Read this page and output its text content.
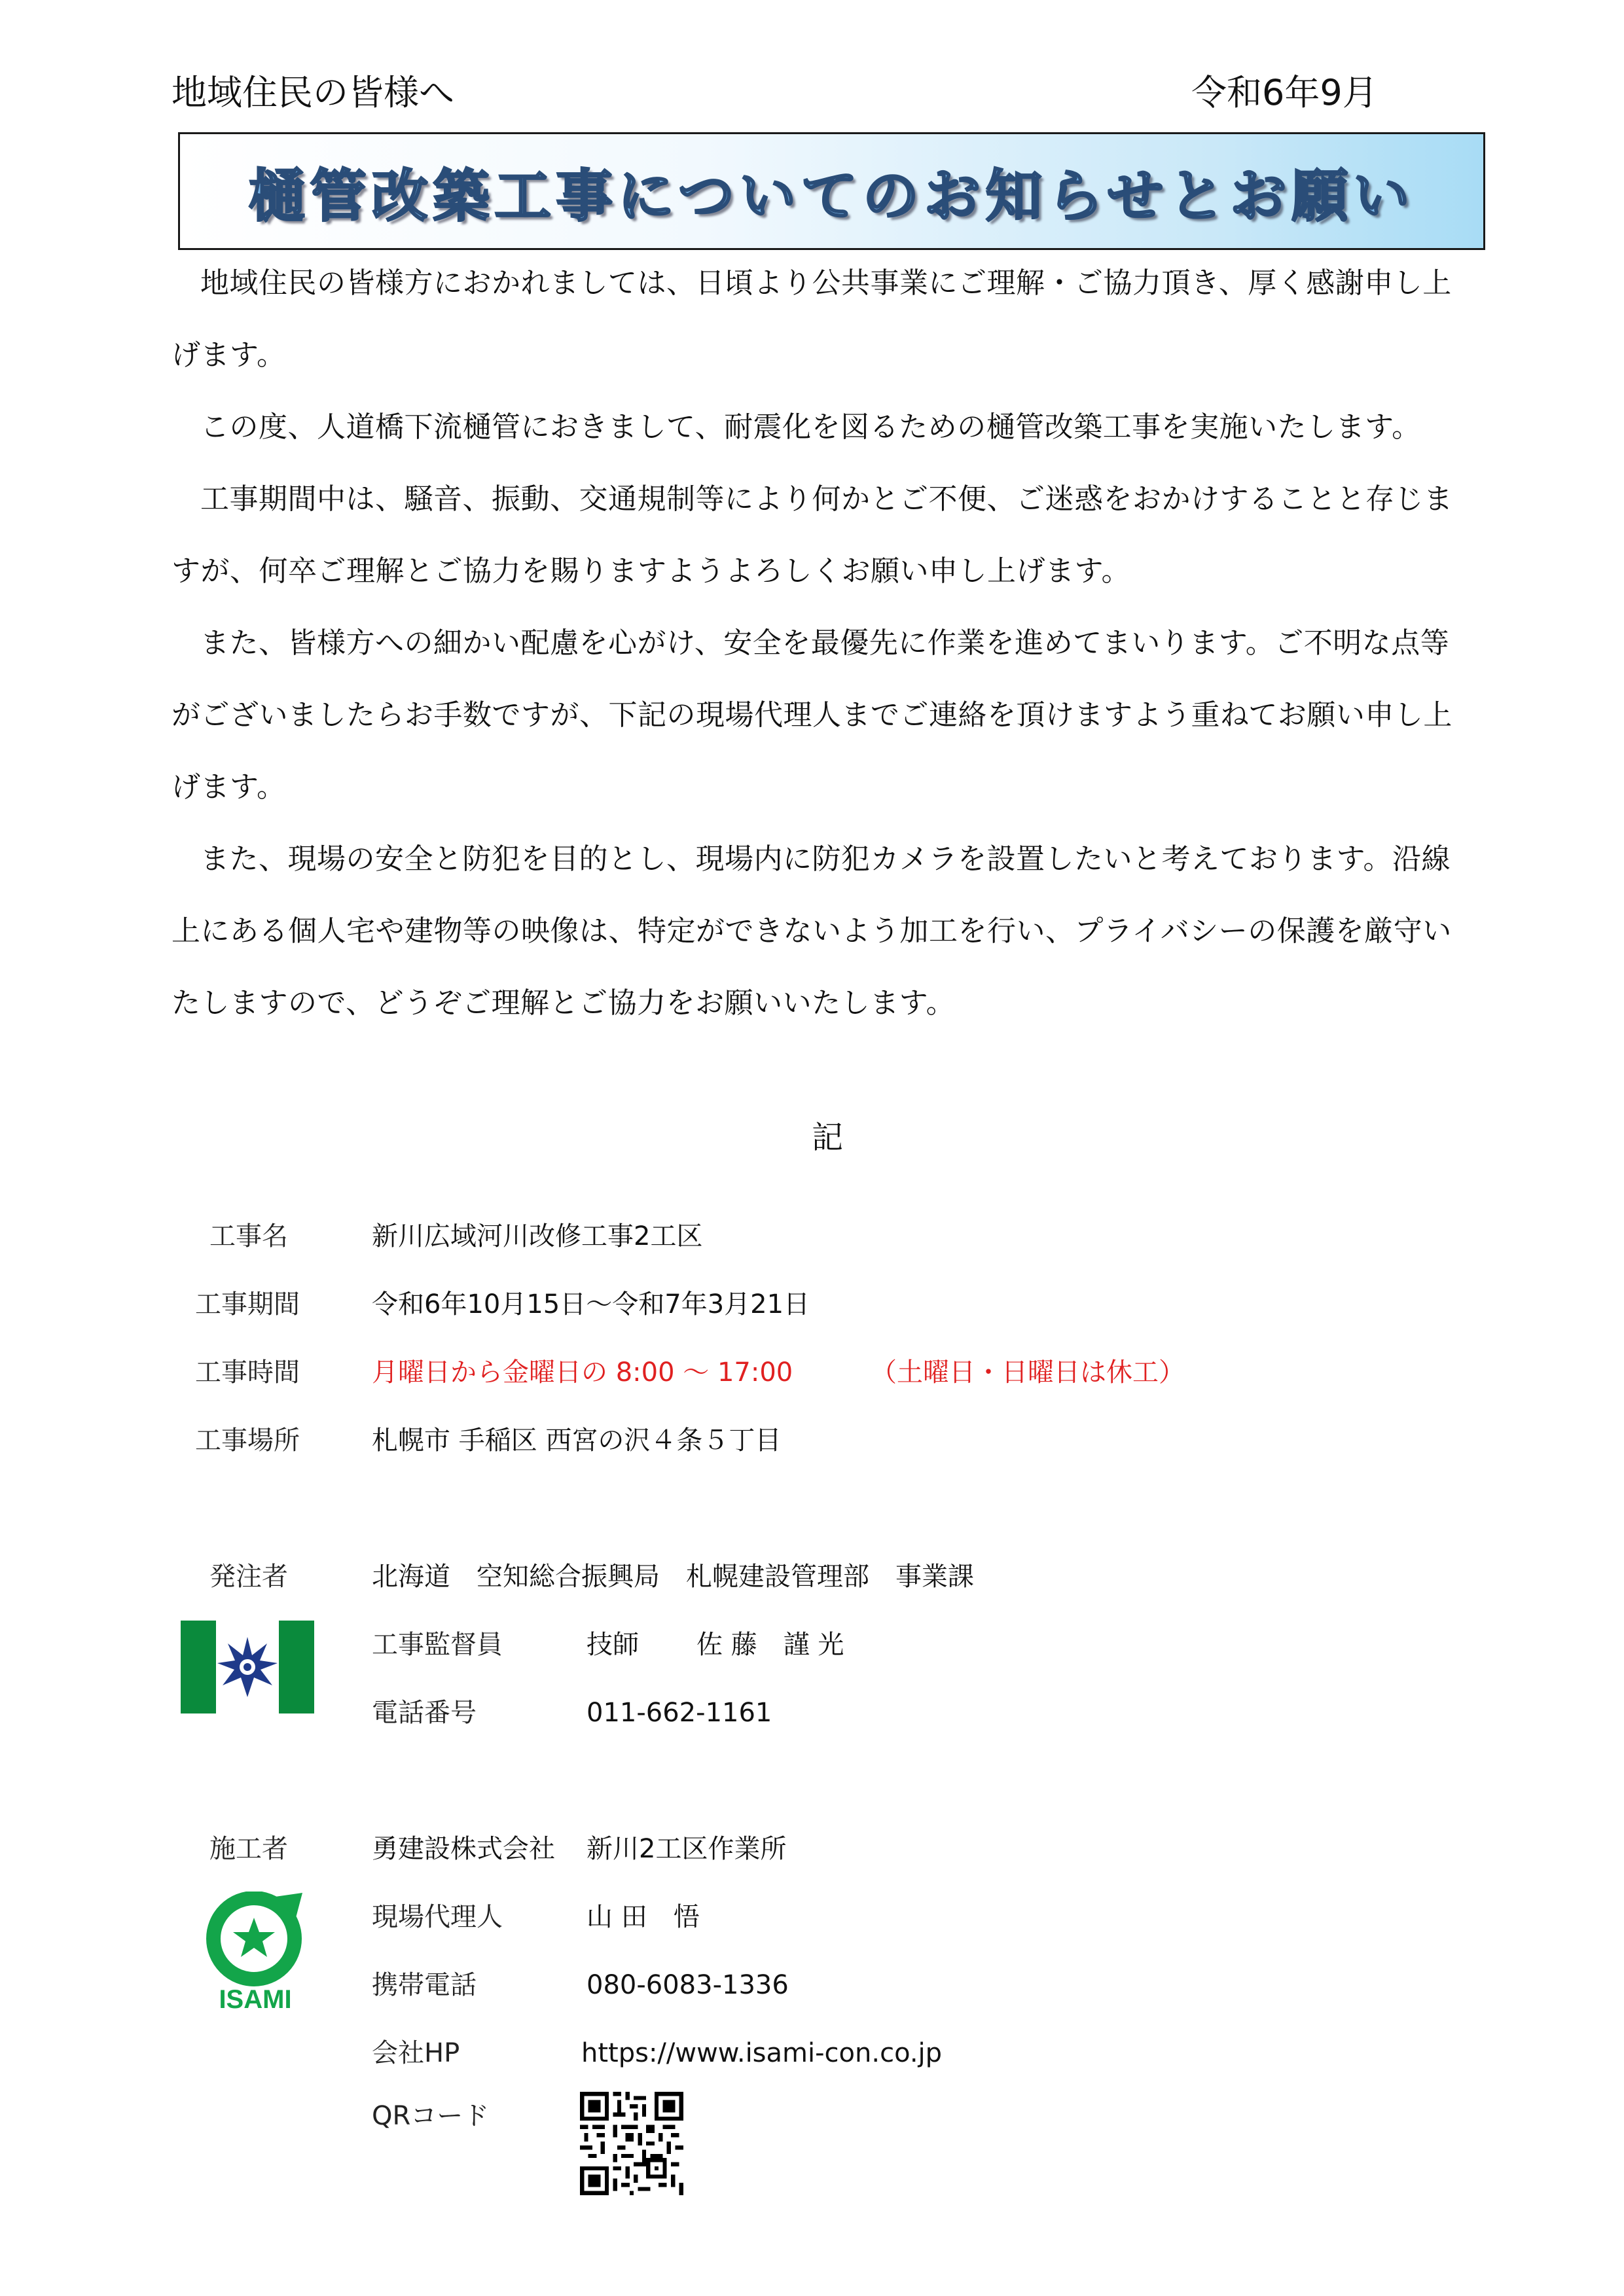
地域住民の皆様へ	令和6年9月
樋管改築工事についてのお知らせとお願い

地域住民の皆様方におかれましては、日頃より公共事業にご理解・ご協力頂き、厚く感謝申し上げます。

この度、人道橋下流樋管におきまして、耐震化を図るための樋管改築工事を実施いたします。

工事期間中は、騒音、振動、交通規制等により何かとご不便、ご迷惑をおかけすることと存じますが、何卒ご理解とご協力を賜りますようよろしくお願い申し上げます。

また、皆様方への細かい配慮を心がけ、安全を最優先に作業を進めてまいります。ご不明な点等がございましたらお手数ですが、下記の現場代理人までご連絡を頂けますよう重ねてお願い申し上げます。

また、現場の安全と防犯を目的とし、現場内に防犯カメラを設置したいと考えております。沿線上にある個人宅や建物等の映像は、特定ができないよう加工を行い、プライバシーの保護を厳守いたしますので、どうぞご理解とご協力をお願いいたします。

記
工事名	新川広域河川改修工事2工区
工事期間	令和6年10月15日～令和7年3月21日
工事時間	月曜日から金曜日の 8:00 ～ 17:00	（土曜日・日曜日は休工）
工事場所	札幌市 手稲区 西宮の沢４条５丁目
発注者	北海道　空知総合振興局　札幌建設管理部　事業課
工事監督員	技師 佐 藤　謹 光
電話番号	011-662-1161
施工者	勇建設株式会社 新川2工区作業所
ISAMI
現場代理人	山 田　悟
携帯電話	080-6083-1336
会社HP	https://www.isami-con.co.jp
QRコード
